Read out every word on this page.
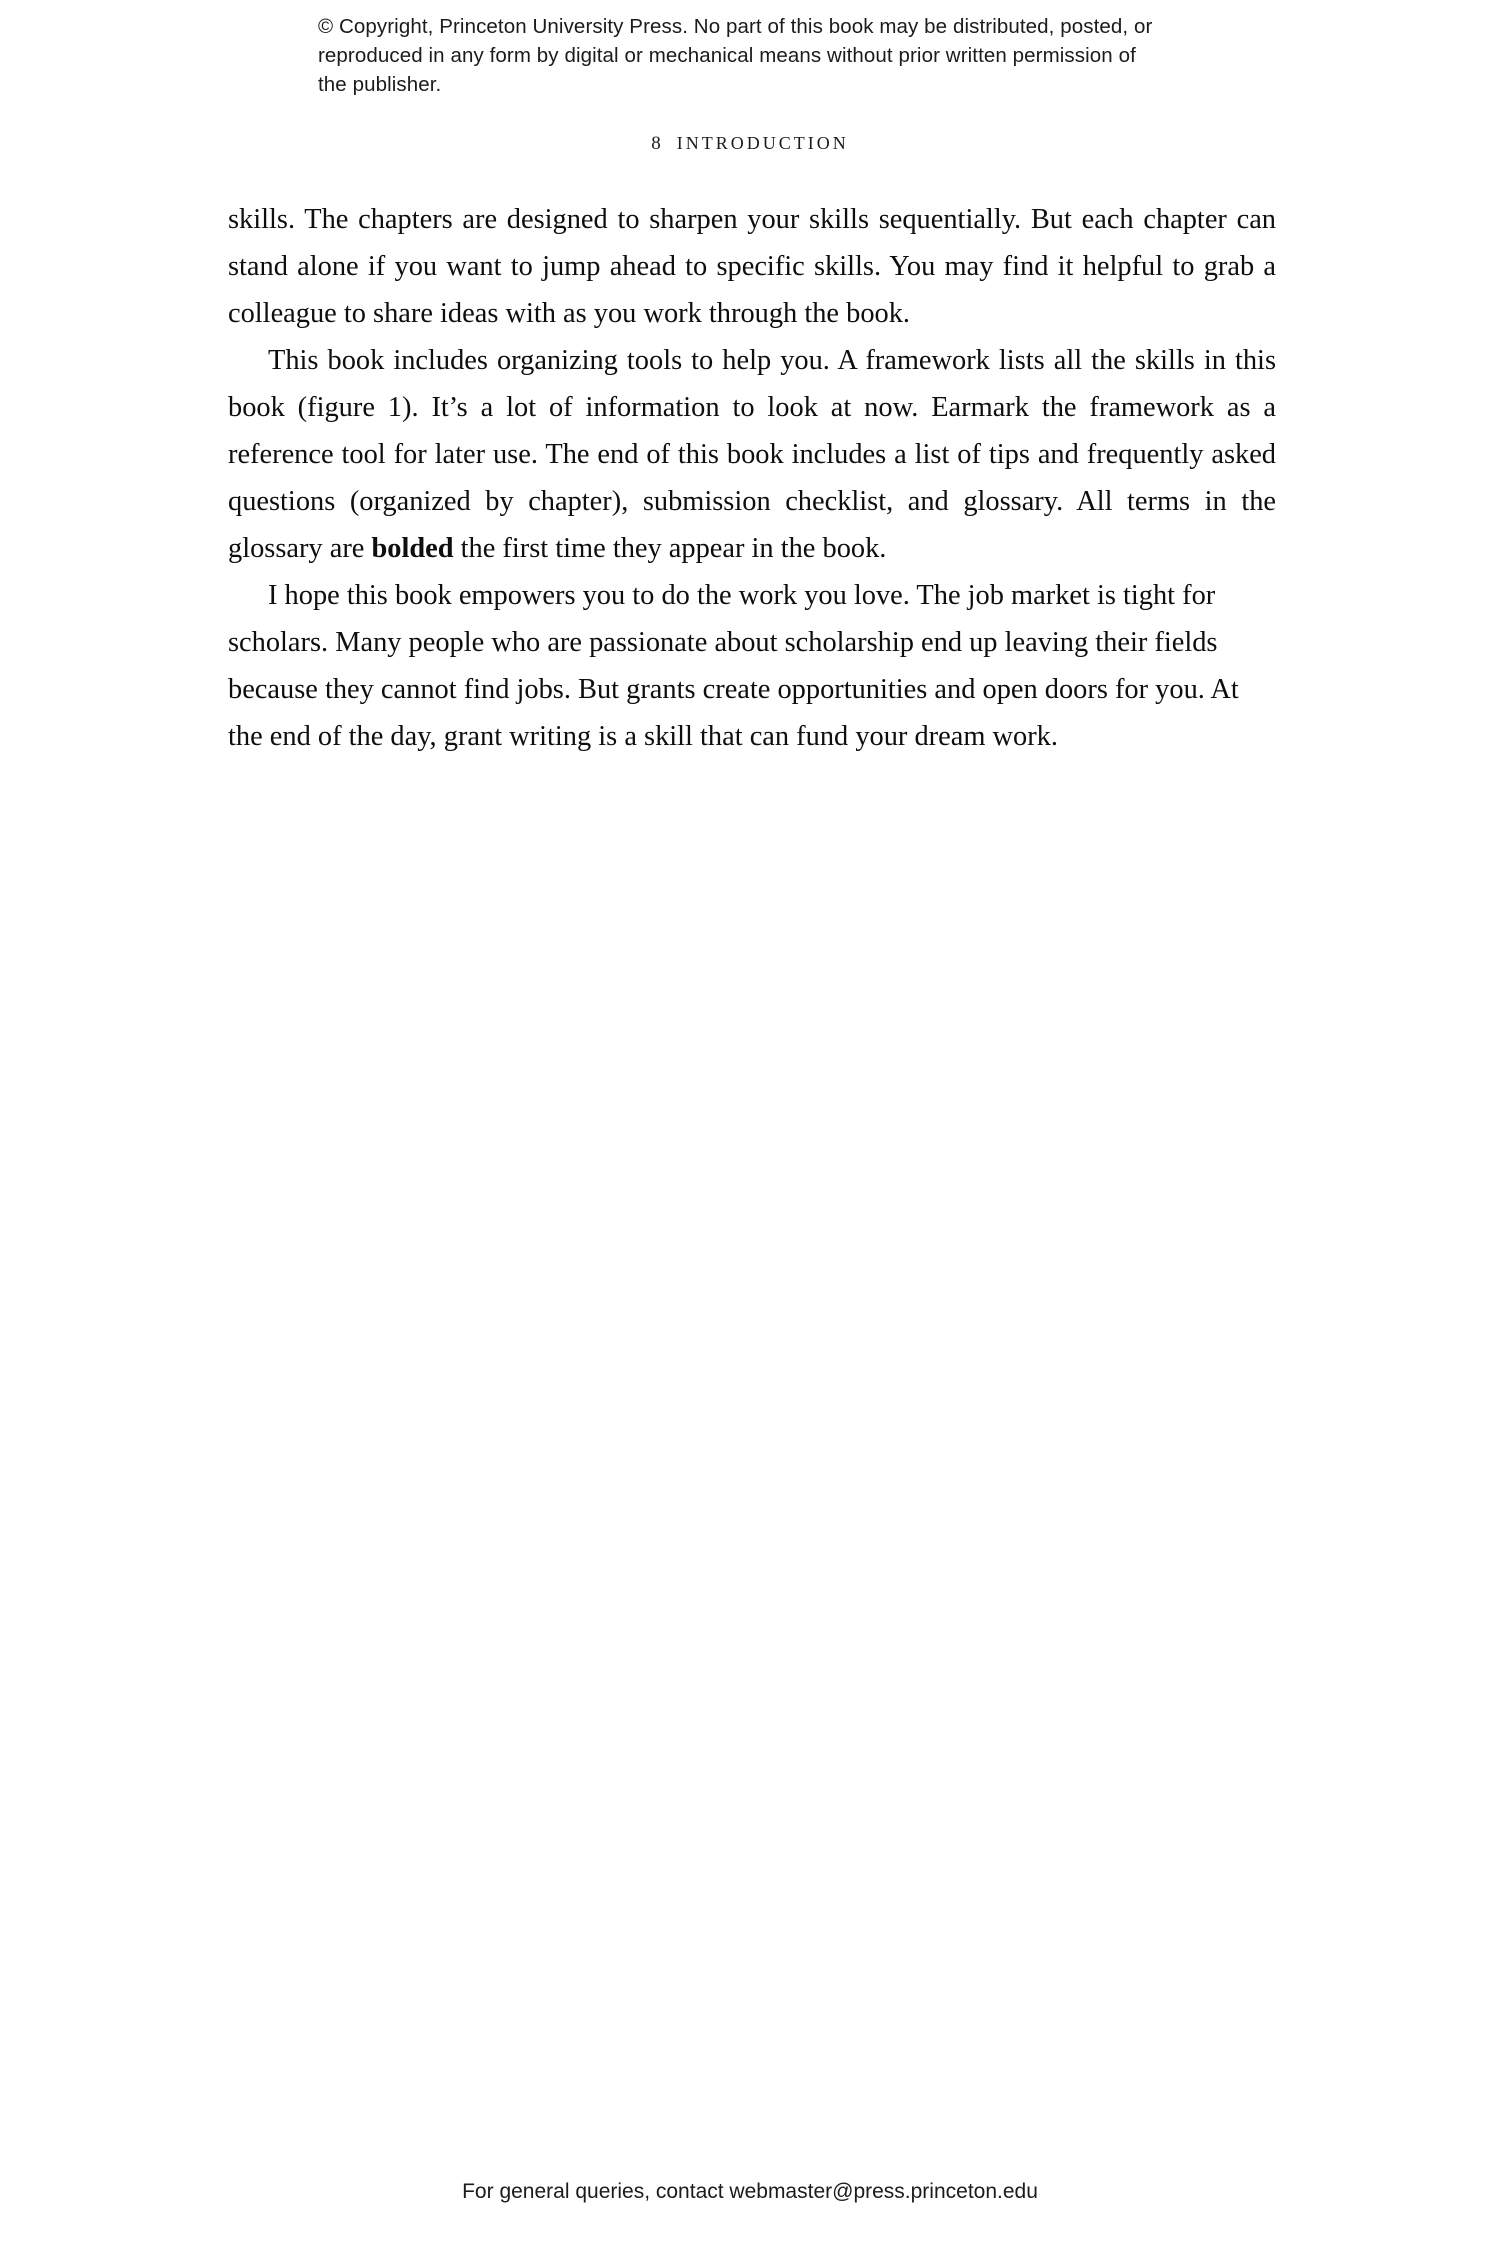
© Copyright, Princeton University Press. No part of this book may be distributed, posted, or reproduced in any form by digital or mechanical means without prior written permission of the publisher.
8 INTRODUCTION

skills. The chapters are designed to sharpen your skills sequentially. But each chapter can stand alone if you want to jump ahead to specific skills. You may find it helpful to grab a colleague to share ideas with as you work through the book.

This book includes organizing tools to help you. A framework lists all the skills in this book (figure 1). It’s a lot of information to look at now. Earmark the framework as a reference tool for later use. The end of this book includes a list of tips and frequently asked questions (organized by chapter), submission checklist, and glossary. All terms in the glossary are bolded the first time they appear in the book.

I hope this book empowers you to do the work you love. The job market is tight for scholars. Many people who are passionate about scholarship end up leaving their fields because they cannot find jobs. But grants create opportunities and open doors for you. At the end of the day, grant writing is a skill that can fund your dream work.

For general queries, contact webmaster@press.princeton.edu
